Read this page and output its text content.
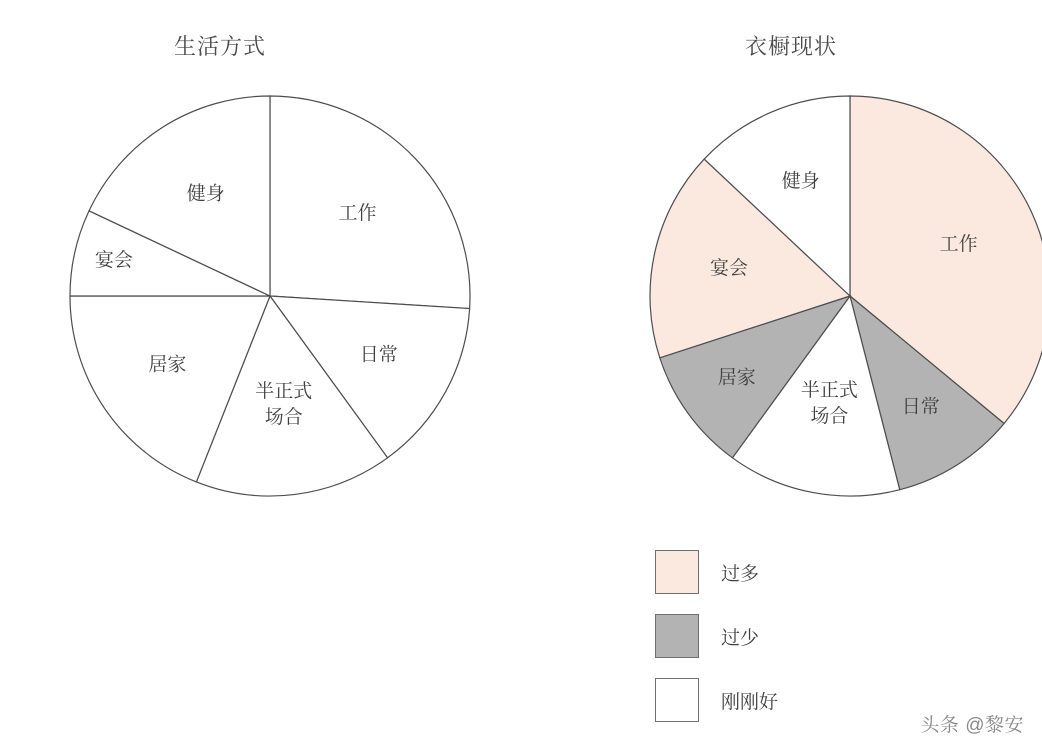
生活方式
工作
日常
半正式场合
居家
宴会
健身
衣橱现状
工作
日常
半正式场合
居家
宴会
健身
过多
过少
刚刚好
头条 @黎安
